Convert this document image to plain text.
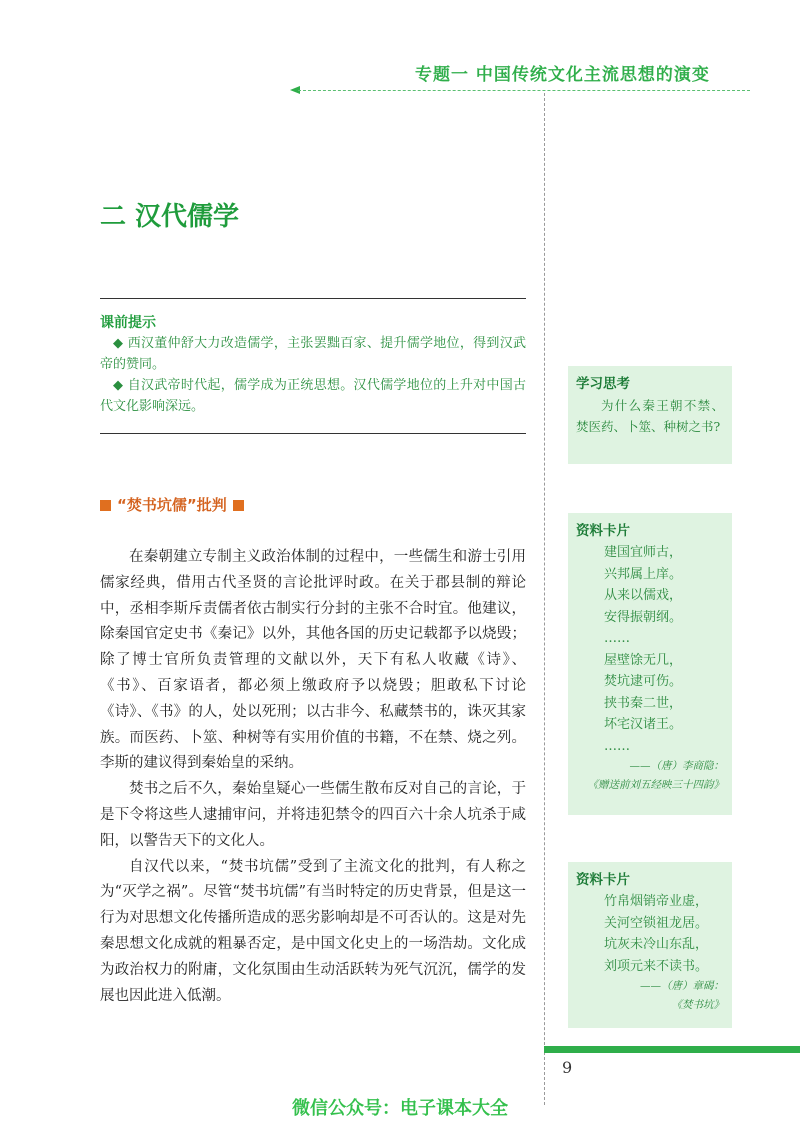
专题一 中国传统文化主流思想的演变
二 汉代儒学
课前提示

◆ 西汉董仲舒大力改造儒学，主张罢黜百家、提升儒学地位，得到汉武帝的赞同。

◆ 自汉武帝时代起，儒学成为正统思想。汉代儒学地位的上升对中国古代文化影响深远。

“焚书坑儒”批判

在秦朝建立专制主义政治体制的过程中，一些儒生和游士引用儒家经典，借用古代圣贤的言论批评时政。在关于郡县制的辩论中，丞相李斯斥责儒者依古制实行分封的主张不合时宜。他建议，除秦国官定史书《秦记》以外，其他各国的历史记载都予以烧毁；除了博士官所负责管理的文献以外，天下有私人收藏《诗》、《书》、百家语者，都必须上缴政府予以烧毁；胆敢私下讨论《诗》、《书》的人，处以死刑；以古非今、私藏禁书的，诛灭其家族。而医药、卜筮、种树等有实用价值的书籍，不在禁、烧之列。李斯的建议得到秦始皇的采纳。

焚书之后不久，秦始皇疑心一些儒生散布反对自己的言论，于是下令将这些人逮捕审问，并将违犯禁令的四百六十余人坑杀于咸阳，以警告天下的文化人。

自汉代以来，“焚书坑儒”受到了主流文化的批判，有人称之为“灭学之祸”。尽管“焚书坑儒”有当时特定的历史背景，但是这一行为对思想文化传播所造成的恶劣影响却是不可否认的。这是对先秦思想文化成就的粗暴否定，是中国文化史上的一场浩劫。文化成为政治权力的附庸，文化氛围由生动活跃转为死气沉沉，儒学的发展也因此进入低潮。

学习思考

为什么秦王朝不禁、焚医药、卜筮、种树之书?

资料卡片
建国宜师古，
兴邦属上庠。
从来以儒戏，
安得振朝纲。
……
屋壁馀无几，
焚坑逮可伤。
挟书秦二世，
坏宅汉诸王。
……
——（唐）李商隐：
《赠送前刘五经映三十四韵》
资料卡片
竹帛烟销帝业虚，
关河空锁祖龙居。
坑灰未冷山东乱，
刘项元来不读书。
——（唐）章碣：
《焚书坑》
9
微信公众号：电子课本大全
